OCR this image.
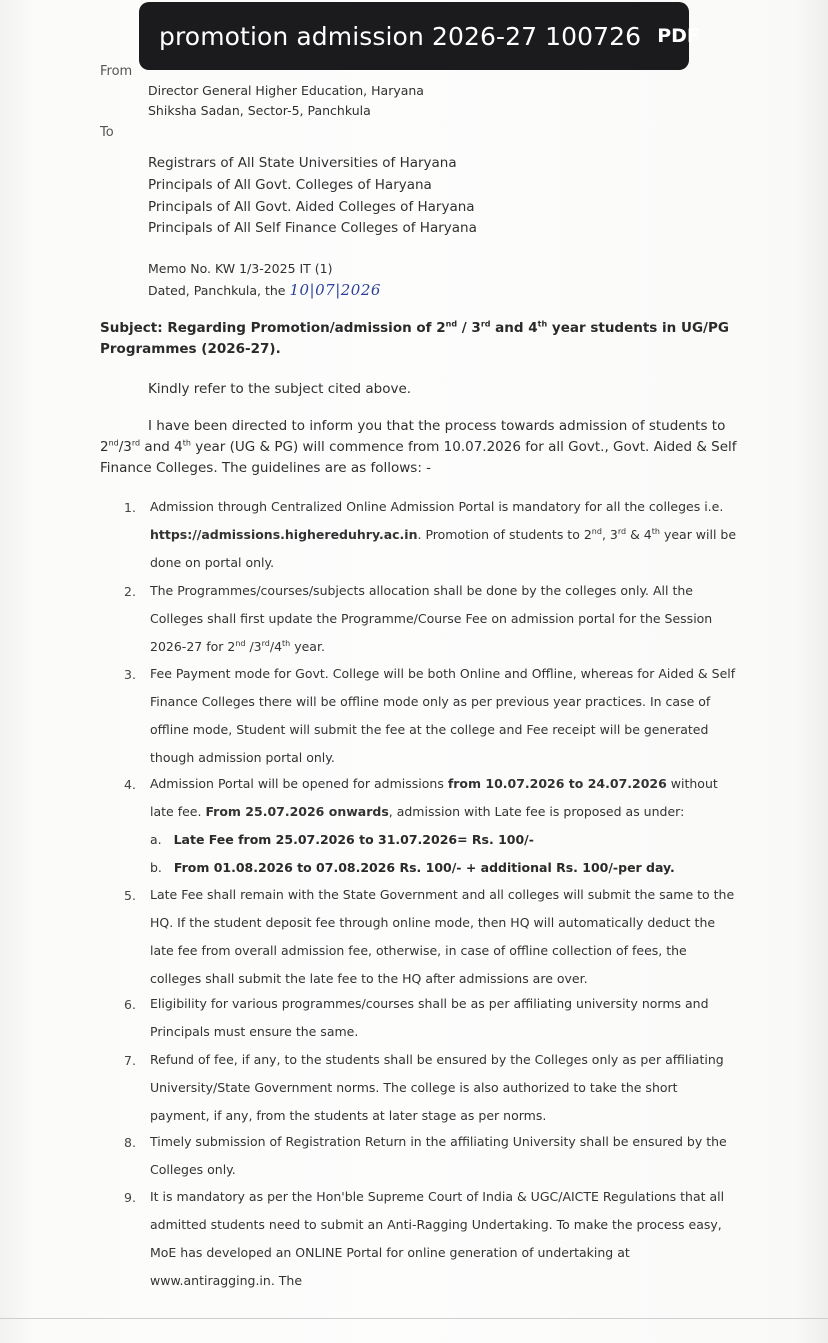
promotion admission 2026-27 100726 PDF
From
Director General Higher Education, Haryana
Shiksha Sadan, Sector-5, Panchkula
To
Registrars of All State Universities of Haryana
Principals of All Govt. Colleges of Haryana
Principals of All Govt. Aided Colleges of Haryana
Principals of All Self Finance Colleges of Haryana
Memo No. KW 1/3-2025 IT (1)
Dated, Panchkula, the 10|07|2026
Subject: Regarding Promotion/admission of 2nd / 3rd and 4th year students in UG/PG Programmes (2026-27).
Kindly refer to the subject cited above.
I have been directed to inform you that the process towards admission of students to 2nd/3rd and 4th year (UG & PG) will commence from 10.07.2026 for all Govt., Govt. Aided & Self Finance Colleges. The guidelines are as follows: -
1. Admission through Centralized Online Admission Portal is mandatory for all the colleges i.e. https://admissions.highereduhry.ac.in. Promotion of students to 2nd, 3rd & 4th year will be done on portal only.
2. The Programmes/courses/subjects allocation shall be done by the colleges only. All the Colleges shall first update the Programme/Course Fee on admission portal for the Session 2026-27 for 2nd /3rd/4th year.
3. Fee Payment mode for Govt. College will be both Online and Offline, whereas for Aided & Self Finance Colleges there will be offline mode only as per previous year practices. In case of offline mode, Student will submit the fee at the college and Fee receipt will be generated though admission portal only.
4. Admission Portal will be opened for admissions from 10.07.2026 to 24.07.2026 without late fee. From 25.07.2026 onwards, admission with Late fee is proposed as under:
a. Late Fee from 25.07.2026 to 31.07.2026= Rs. 100/-
b. From 01.08.2026 to 07.08.2026 Rs. 100/- + additional Rs. 100/-per day.
5. Late Fee shall remain with the State Government and all colleges will submit the same to the HQ. If the student deposit fee through online mode, then HQ will automatically deduct the late fee from overall admission fee, otherwise, in case of offline collection of fees, the colleges shall submit the late fee to the HQ after admissions are over.
6. Eligibility for various programmes/courses shall be as per affiliating university norms and Principals must ensure the same.
7. Refund of fee, if any, to the students shall be ensured by the Colleges only as per affiliating University/State Government norms. The college is also authorized to take the short payment, if any, from the students at later stage as per norms.
8. Timely submission of Registration Return in the affiliating University shall be ensured by the Colleges only.
9. It is mandatory as per the Hon'ble Supreme Court of India & UGC/AICTE Regulations that all admitted students need to submit an Anti-Ragging Undertaking. To make the process easy, MoE has developed an ONLINE Portal for online generation of undertaking at www.antiragging.in. The
